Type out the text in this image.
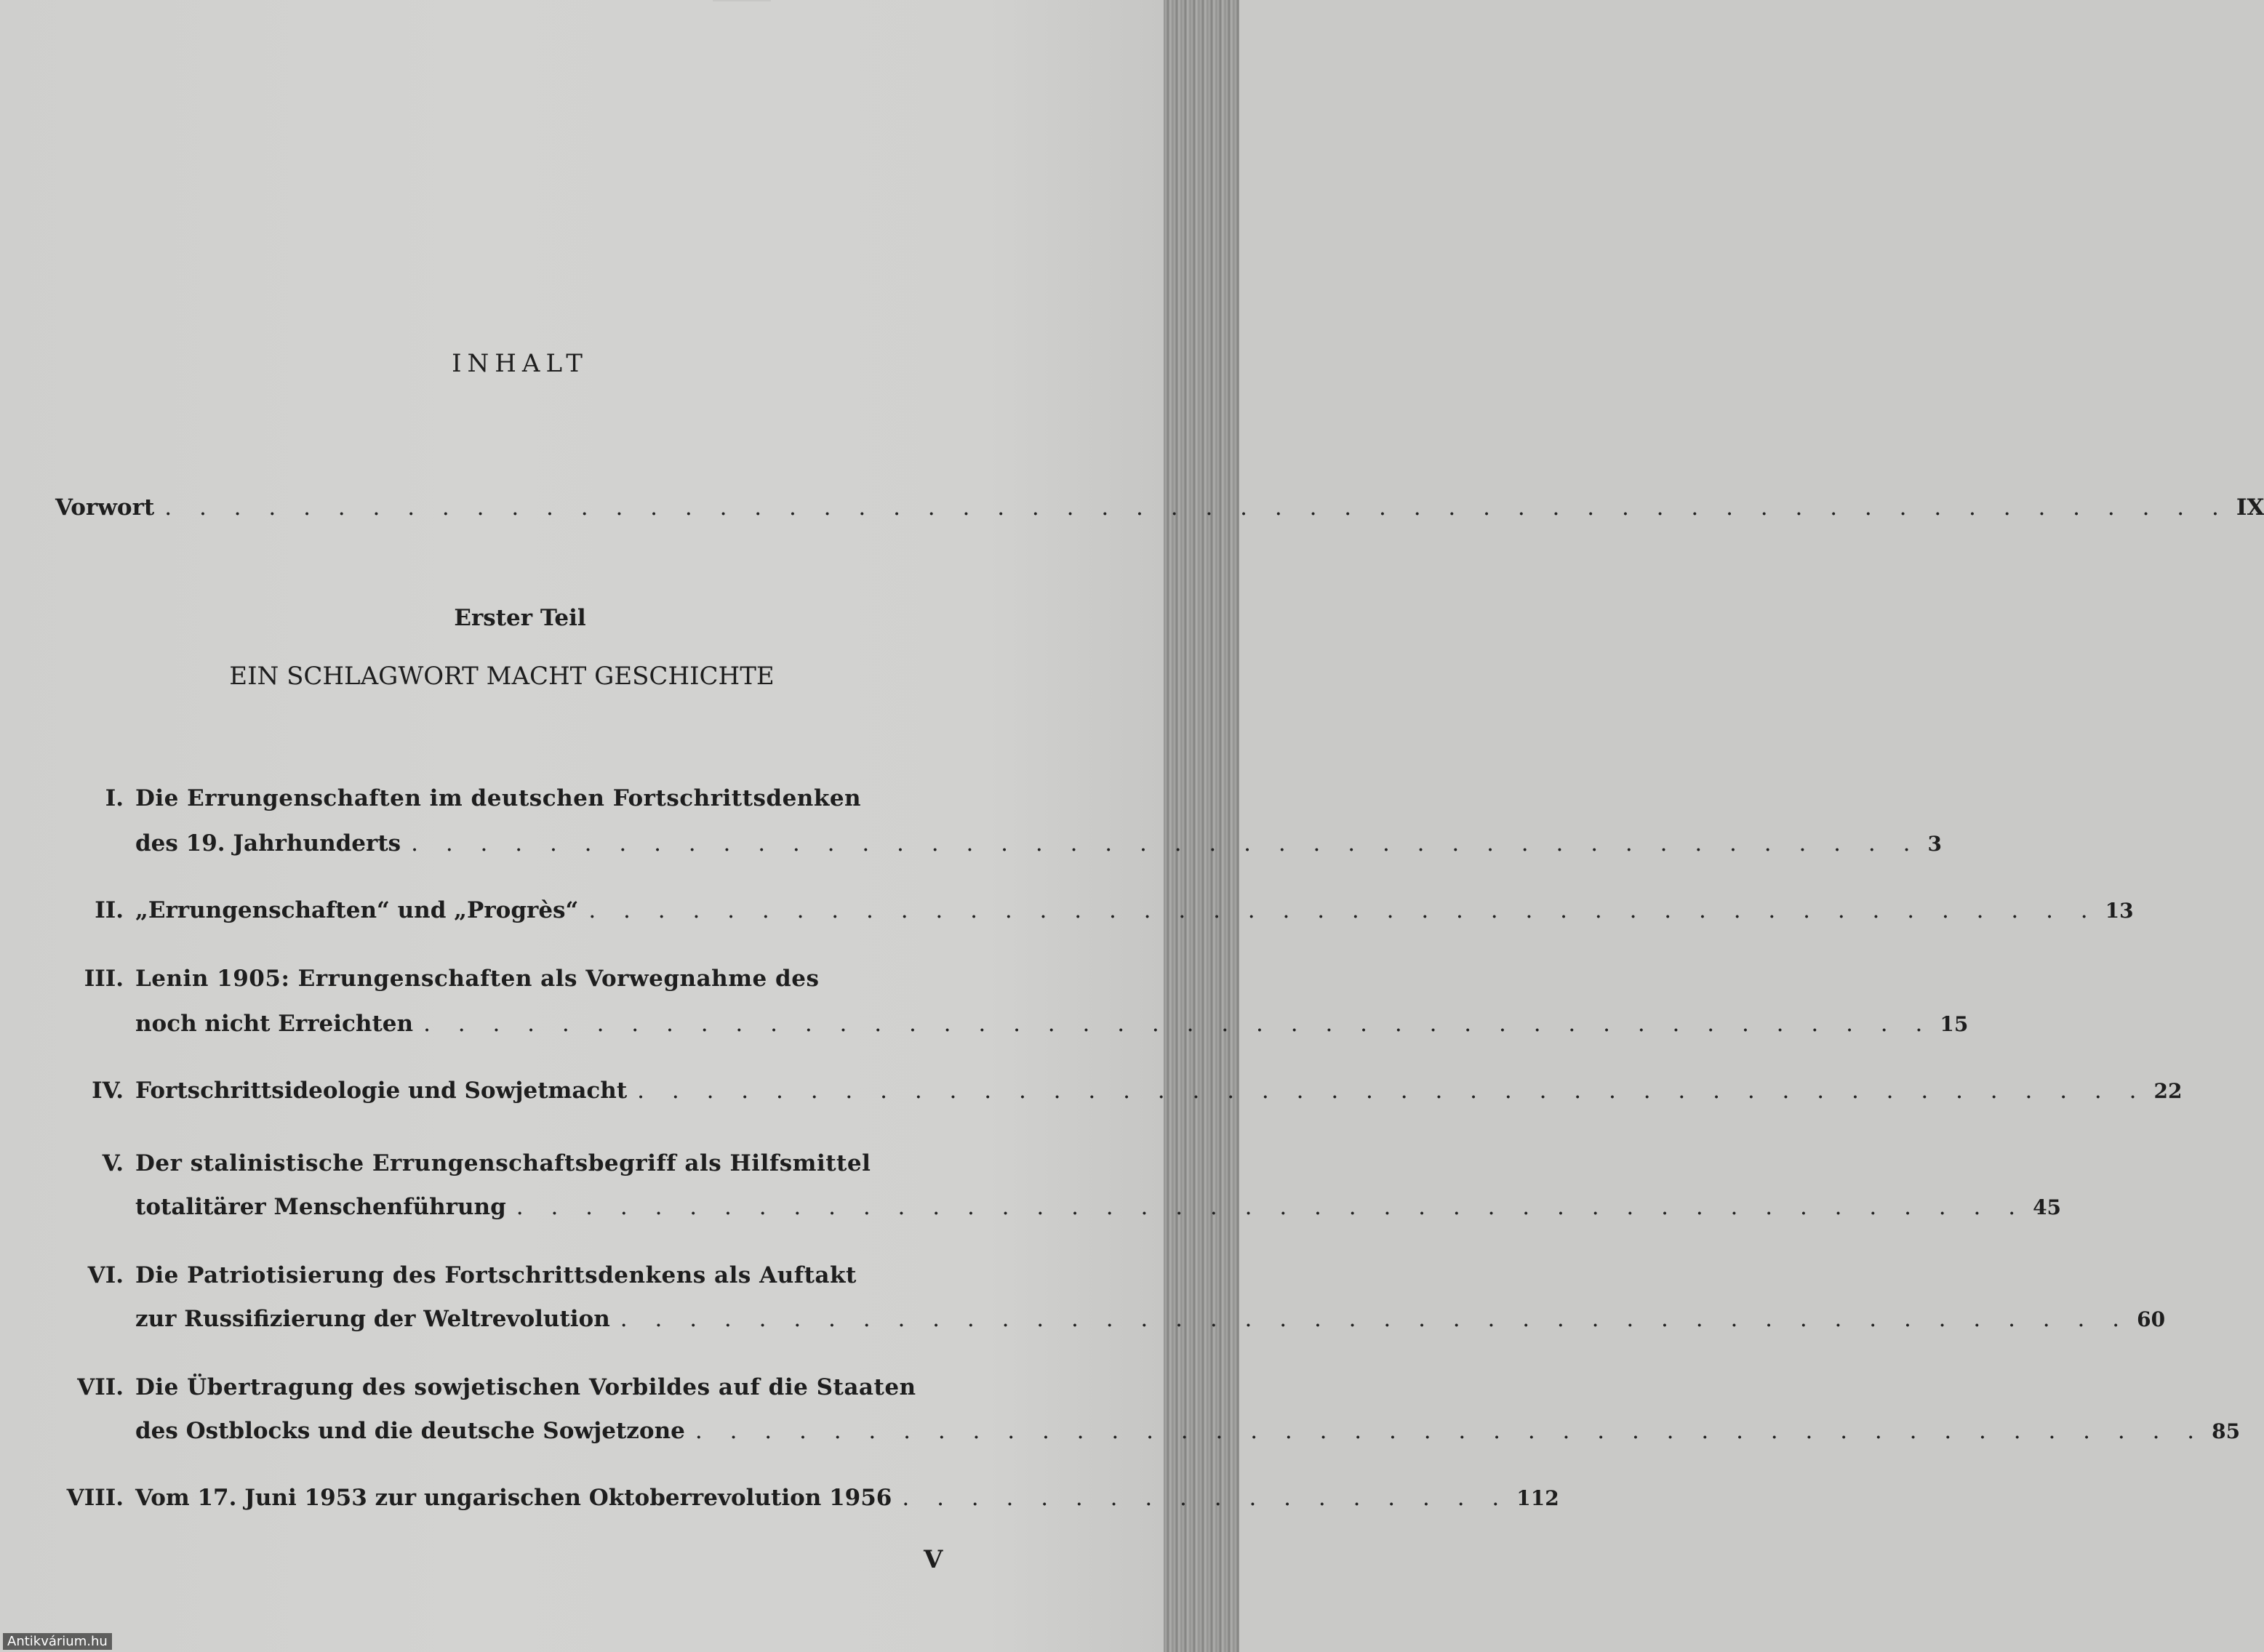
INHALT
Vorwort . . . . . . . . . . . . . . . . . . . . . . . . . . . . . . . . . . . . . . . . . . . . . . . . . . . . . . . . . . . . IX
Erster Teil
EIN SCHLAGWORT MACHT GESCHICHTE
I. Die Errungenschaften im deutschen Fortschrittsdenken
des 19. Jahrhunderts . . . . . . . . . . . . . . . . . . . . . . . . . . . . . . . . . . . . . . . . . . . . 3
II. „Errungenschaften“ und „Progrès“ . . . . . . . . . . . . . . . . . . . . . . . . . . . . . . . . . . . . . . . . . . . . 13
III. Lenin 1905: Errungenschaften als Vorwegnahme des
noch nicht Erreichten . . . . . . . . . . . . . . . . . . . . . . . . . . . . . . . . . . . . . . . . . . . . 15
IV. Fortschrittsideologie und Sowjetmacht . . . . . . . . . . . . . . . . . . . . . . . . . . . . . . . . . . . . . . . . . . . . 22
V. Der stalinistische Errungenschaftsbegriff als Hilfsmittel
totalitärer Menschenführung . . . . . . . . . . . . . . . . . . . . . . . . . . . . . . . . . . . . . . . . . . . . 45
VI. Die Patriotisierung des Fortschrittsdenkens als Auftakt
zur Russifizierung der Weltrevolution . . . . . . . . . . . . . . . . . . . . . . . . . . . . . . . . . . . . . . . . . . . . 60
VII. Die Übertragung des sowjetischen Vorbildes auf die Staaten
des Ostblocks und die deutsche Sowjetzone . . . . . . . . . . . . . . . . . . . . . . . . . . . . . . . . . . . . . . . . . . . . 85
VIII. Vom 17. Juni 1953 zur ungarischen Oktoberrevolution 1956 . . . . . . . . . . . . . . . . . . 112
V
Antikvárium.hu
